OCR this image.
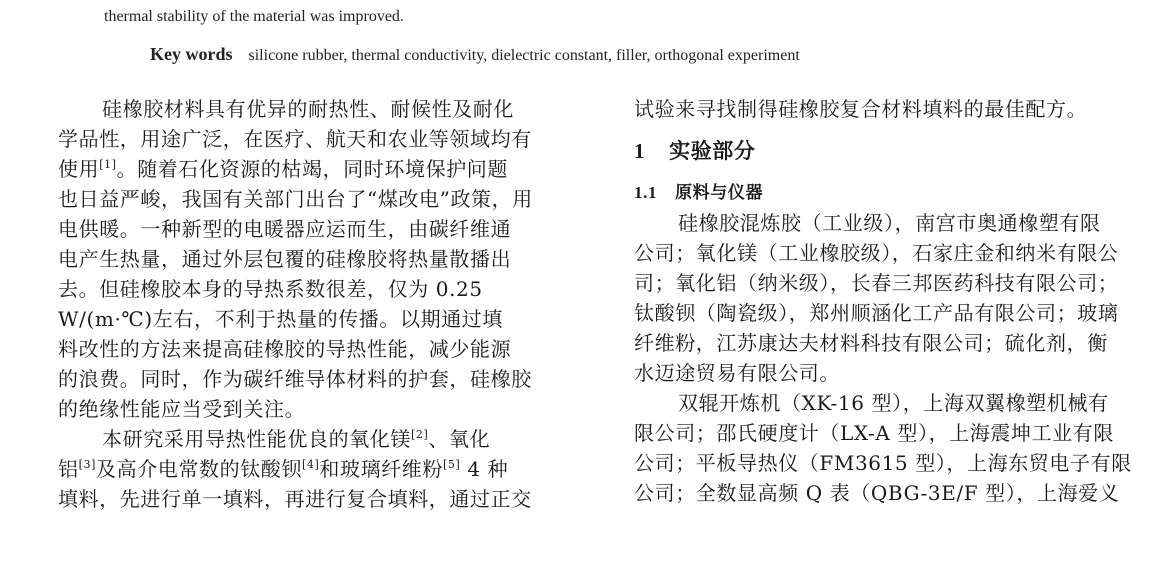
thermal stability of the material was improved.
Key words silicone rubber, thermal conductivity, dielectric constant, filler, orthogonal experiment
硅橡胶材料具有优异的耐热性、耐候性及耐化
学品性，用途广泛，在医疗、航天和农业等领域均有
使用[1]。随着石化资源的枯竭，同时环境保护问题
也日益严峻，我国有关部门出台了“煤改电”政策，用
电供暖。一种新型的电暖器应运而生，由碳纤维通
电产生热量，通过外层包覆的硅橡胶将热量散播出
去。但硅橡胶本身的导热系数很差，仅为 0.25
W/(m·℃)左右，不利于热量的传播。以期通过填
料改性的方法来提高硅橡胶的导热性能，减少能源
的浪费。同时，作为碳纤维导体材料的护套，硅橡胶
的绝缘性能应当受到关注。
本研究采用导热性能优良的氧化镁[2]、氧化
铝[3]及高介电常数的钛酸钡[4]和玻璃纤维粉[5] 4 种
填料，先进行单一填料，再进行复合填料，通过正交
试验来寻找制得硅橡胶复合材料填料的最佳配方。
1 实验部分
1.1 原料与仪器
硅橡胶混炼胶（工业级），南宫市奥通橡塑有限
公司；氧化镁（工业橡胶级），石家庄金和纳米有限公
司；氧化铝（纳米级），长春三邦医药科技有限公司；
钛酸钡（陶瓷级），郑州顺涵化工产品有限公司；玻璃
纤维粉，江苏康达夫材料科技有限公司；硫化剂，衡
水迈途贸易有限公司。
双辊开炼机（XK-16 型），上海双翼橡塑机械有
限公司；邵氏硬度计（LX-A 型），上海震坤工业有限
公司；平板导热仪（FM3615 型），上海东贸电子有限
公司；全数显高频 Q 表（QBG-3E/F 型），上海爱义
